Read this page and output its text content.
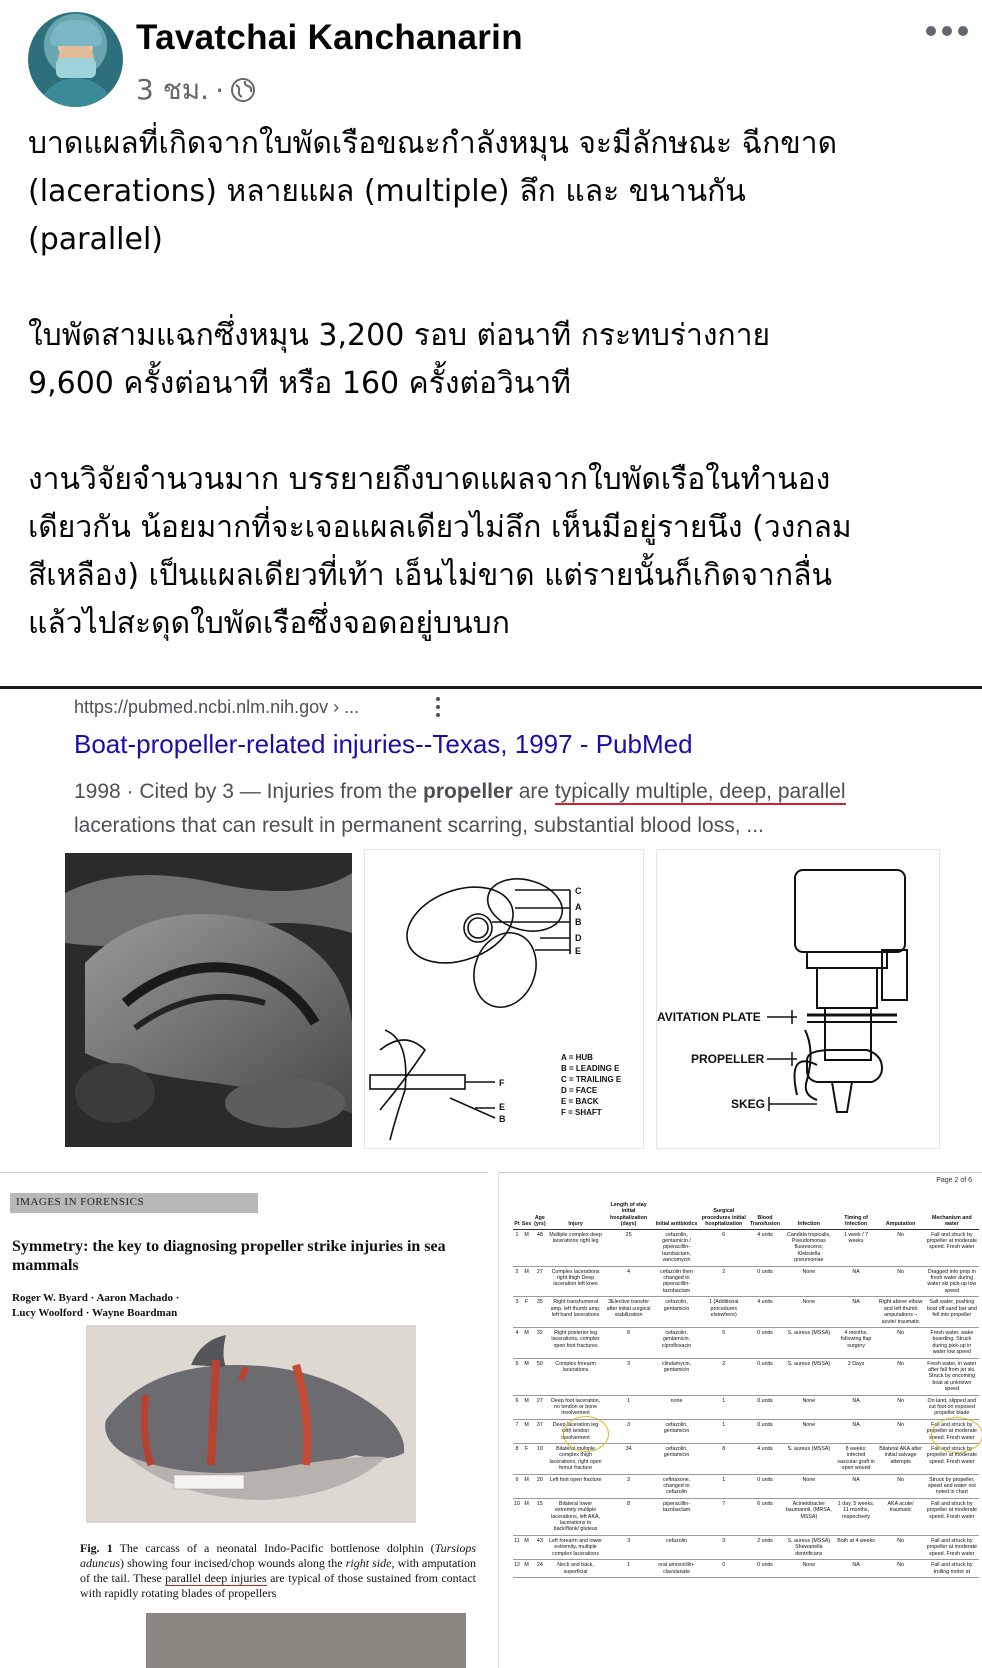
Tavatchai Kanchanarin
3 ชม. ·

บาดแผลที่เกิดจากใบพัดเรือขณะกำลังหมุน จะมีลักษณะ ฉีกขาด
(lacerations) หลายแผล (multiple) ลึก และ ขนานกัน
(parallel)

ใบพัดสามแฉกซึ่งหมุน 3,200 รอบ ต่อนาที กระทบร่างกาย
9,600 ครั้งต่อนาที หรือ 160 ครั้งต่อวินาที

งานวิจัยจำนวนมาก บรรยายถึงบาดแผลจากใบพัดเรือในทำนอง
เดียวกัน น้อยมากที่จะเจอแผลเดียวไม่ลึก เห็นมีอยู่รายนึง (วงกลม
สีเหลือง) เป็นแผลเดียวที่เท้า เอ็นไม่ขาด แต่รายนั้นก็เกิดจากลื่น
แล้วไปสะดุดใบพัดเรือซึ่งจอดอยู่บนบก

https://pubmed.ncbi.nlm.nih.gov › ...
Boat-propeller-related injuries--Texas, 1997 - PubMed
1998 · Cited by 3 — Injuries from the propeller are typically multiple, deep, parallel
lacerations that can result in permanent scarring, substantial blood loss, ...
C
A
B
D
E
F
E
B
A = HUB
B = LEADING E
C = TRAILING E
D = FACE
E = BACK
F = SHAFT
AVITATION PLATE
PROPELLER
SKEG
IMAGES IN FORENSICS
Symmetry: the key to diagnosing propeller strike injuries in sea mammals
Roger W. Byard · Aaron Machado ·
Lucy Woolford · Wayne Boardman
Fig. 1 The carcass of a neonatal Indo-Pacific bottlenose dolphin (Tursiops aduncus) showing four incised/chop wounds along the right side, with amputation of the tail. These parallel deep injuries are typical of those sustained from contact with rapidly rotating blades of propellers
Page 2 of 6
Pt	Sex	Age (yrs)	Injury	Length of stay initial hospitalization (days)	Initial antibiotics	Surgical procedures initial hospitalization	Blood Transfusion	Infection	Timing of Infection	Amputation	Mechanism and water
1	M	48	Multiple complex deep lacerations right leg	25	cefazolin, gentamicin / piperacillin-tazobactam, vancomycin	6	4 units	Candida tropicalis, Pseudomonas fluorescens; Klebsiella pneumoniae	1 week / 7 weeks	No	Fall and struck by propeller at moderate speed. Fresh water
2	M	27	Complex lacerations right thigh Deep laceration left knee	4	cefazolin then changed to piperacillin-tazobactam	2	0 units	None	NA	No	Dragged into prop in fresh water during water ski pick-up low speed
3	F	35	Right transhumeral amp, left thumb amp, left hand lacerations	3Elective transfer after initial surgical stabilization	cefazolin, gentamicin	1 (Additional procedures elsewhere)	4 units	None	NA	Right above elbow and left thumb amputations – acute/ traumatic	Salt water, pushing boat off sand bar and fell into propeller
4	M	32	Right posterior leg lacerations, complex open foot fractures	8	cefazolin, gentamicin, ciprofloxacin	5	0 units	S. aureus (MSSA)	4 months, following flap surgery	No	Fresh water, wake boarding. Struck during pick-up in water low speed
5	M	50	Complex forearm lacerations	3	clindamycin, gentamicin	2	0 units	S. aureus (MSSA)	2 Days	No	Fresh water, in water after fall from jet ski. Struck by oncoming boat at unknown speed
6	M	27	Deep foot laceration, no tendon or bone involvement	1	none	1	0 units	None	NA	No	On land, slipped and cut foot on exposed propeller blade
7	M	37	Deep laceration leg with tendon involvement	3	cefazolin, gentamicin	1	0 units	None	NA	No	Fall and struck by propeller at moderate speed. Fresh water
8	F	10	Bilateral multiple complex thigh lacerations, right open femur fracture	34	cefazolin, gentamicin	8	4 units	S. aureus (MSSA)	8 weeks: infected vascular graft in open wound	Bilateral AKA after initial salvage attempts	Fall and struck by propeller at moderate speed. Fresh water
9	M	20	Left foot open fracture	3	ceftriaxone, changed to cefazolin	1	0 units	None	NA	No	Struck by propeller, speed and water not noted in chart
10	M	15	Bilateral lower extremity multiple lacerations, left AKA, lacerations to back/flank/ gluteus	8	piperacillin-tazobactam	7	6 units	Acinetobacter baumannii, (MRSA, MSSA)	1 day, 5 weeks, 11 months, respectively	AKA acute/ traumatic	Fall and struck by propeller at moderate speed. Fresh water
11	M	43	Left forearm and lower extremity, multiple complex lacerations	3	cefazolin	3	2 units	S. aureus (MSSA) Shewanella dentrificans	Both at 4 weeks	No	Fall and struck by propeller at moderate speed. Fresh water
12	M	24	Neck and back, superficial	1	oral amoxicillin-clavulanate	0	0 units	None	NA	No	Fall and struck by trolling motor at
